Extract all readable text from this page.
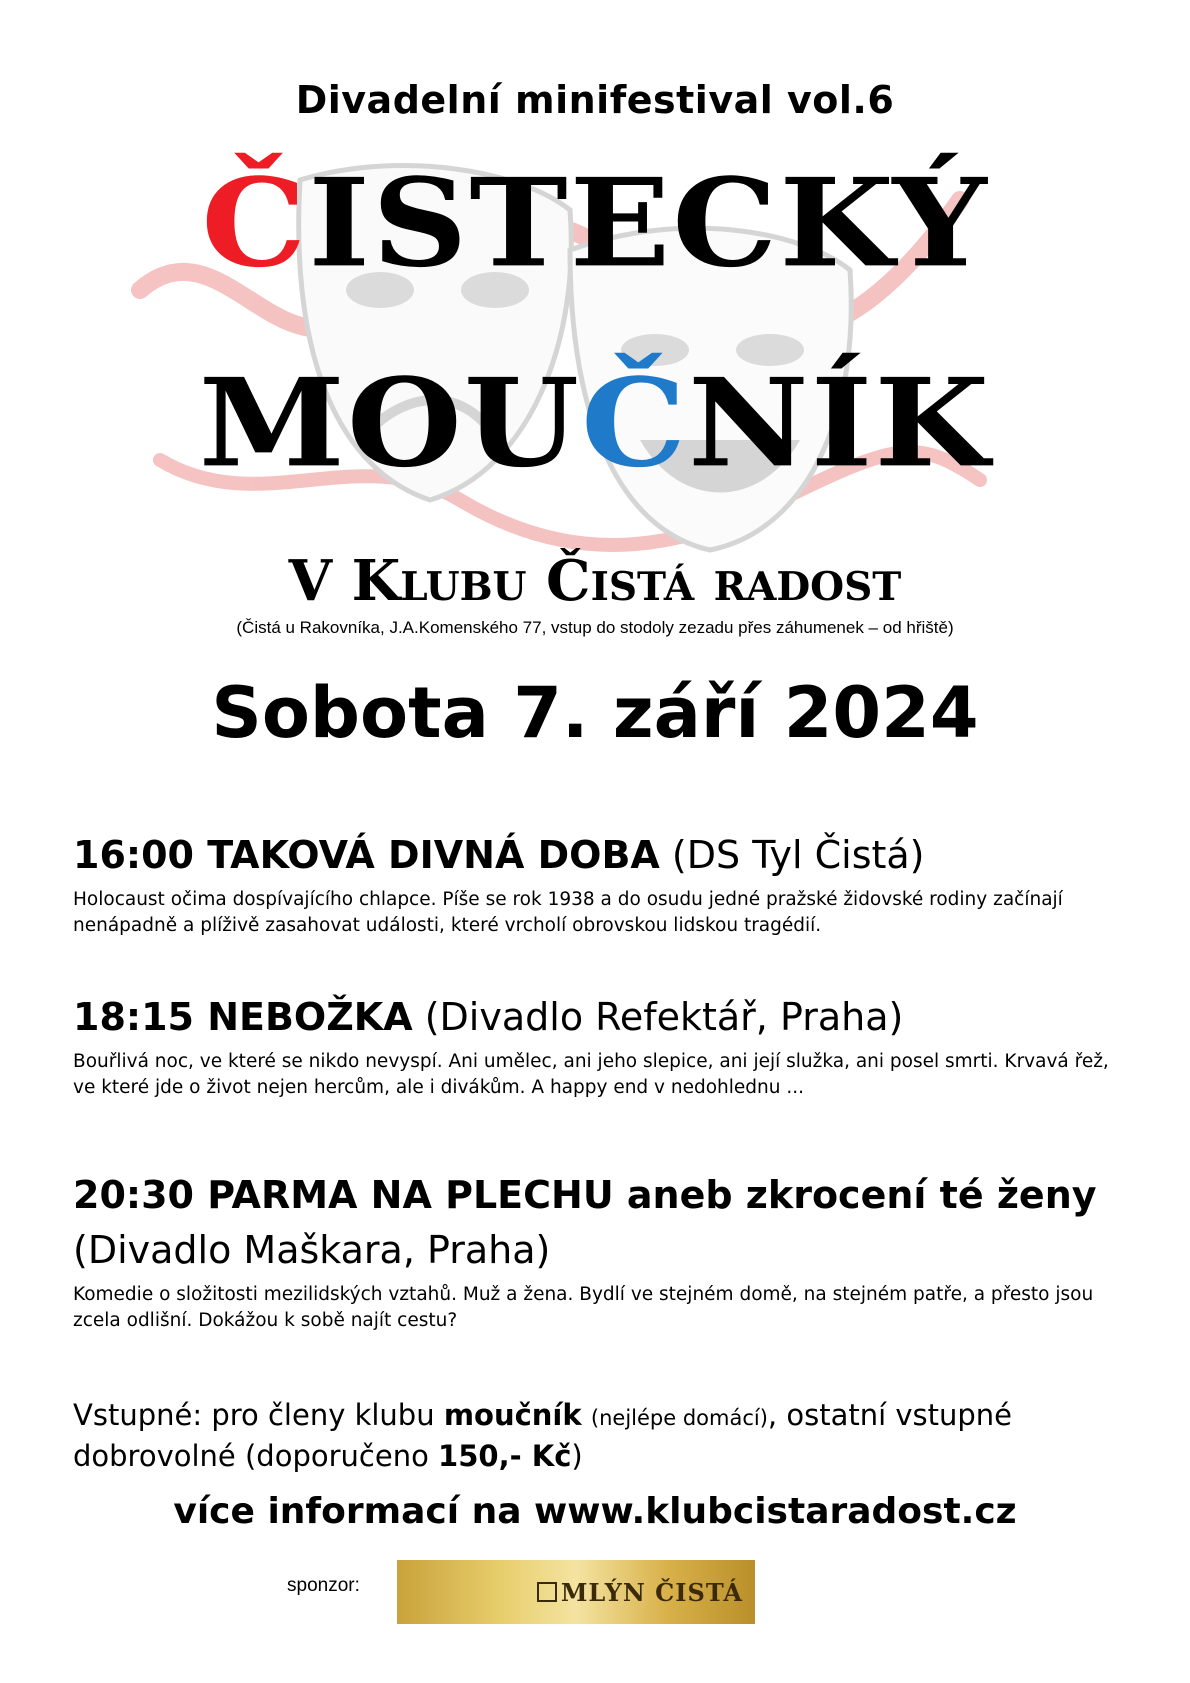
Divadelní minifestival vol.6
ČISTECKÝ
MOUČNÍK
V Klubu Čistá radost
(Čistá u Rakovníka, J.A.Komenského 77, vstup do stodoly zezadu přes záhumenek – od hřiště)
Sobota 7. září 2024
16:00 TAKOVÁ DIVNÁ DOBA (DS Tyl Čistá)
Holocaust očima dospívajícího chlapce. Píše se rok 1938 a do osudu jedné pražské židovské rodiny začínají nenápadně a plíživě zasahovat události, které vrcholí obrovskou lidskou tragédií.
18:15 NEBOŽKA (Divadlo Refektář, Praha)
Bouřlivá noc, ve které se nikdo nevyspí. Ani umělec, ani jeho slepice, ani její služka, ani posel smrti. Krvavá řež, ve které jde o život nejen hercům, ale i divákům. A happy end v nedohlednu ...
20:30 PARMA NA PLECHU aneb zkrocení té ženy (Divadlo Maškara, Praha)
Komedie o složitosti mezilidských vztahů. Muž a žena. Bydlí ve stejném domě, na stejném patře, a přesto jsou zcela odlišní. Dokážou k sobě najít cestu?
Vstupné: pro členy klubu moučník (nejlépe domácí), ostatní vstupné dobrovolné (doporučeno 150,- Kč)
více informací na www.klubcistaradost.cz
sponzor:	MLÝN ČISTÁ
